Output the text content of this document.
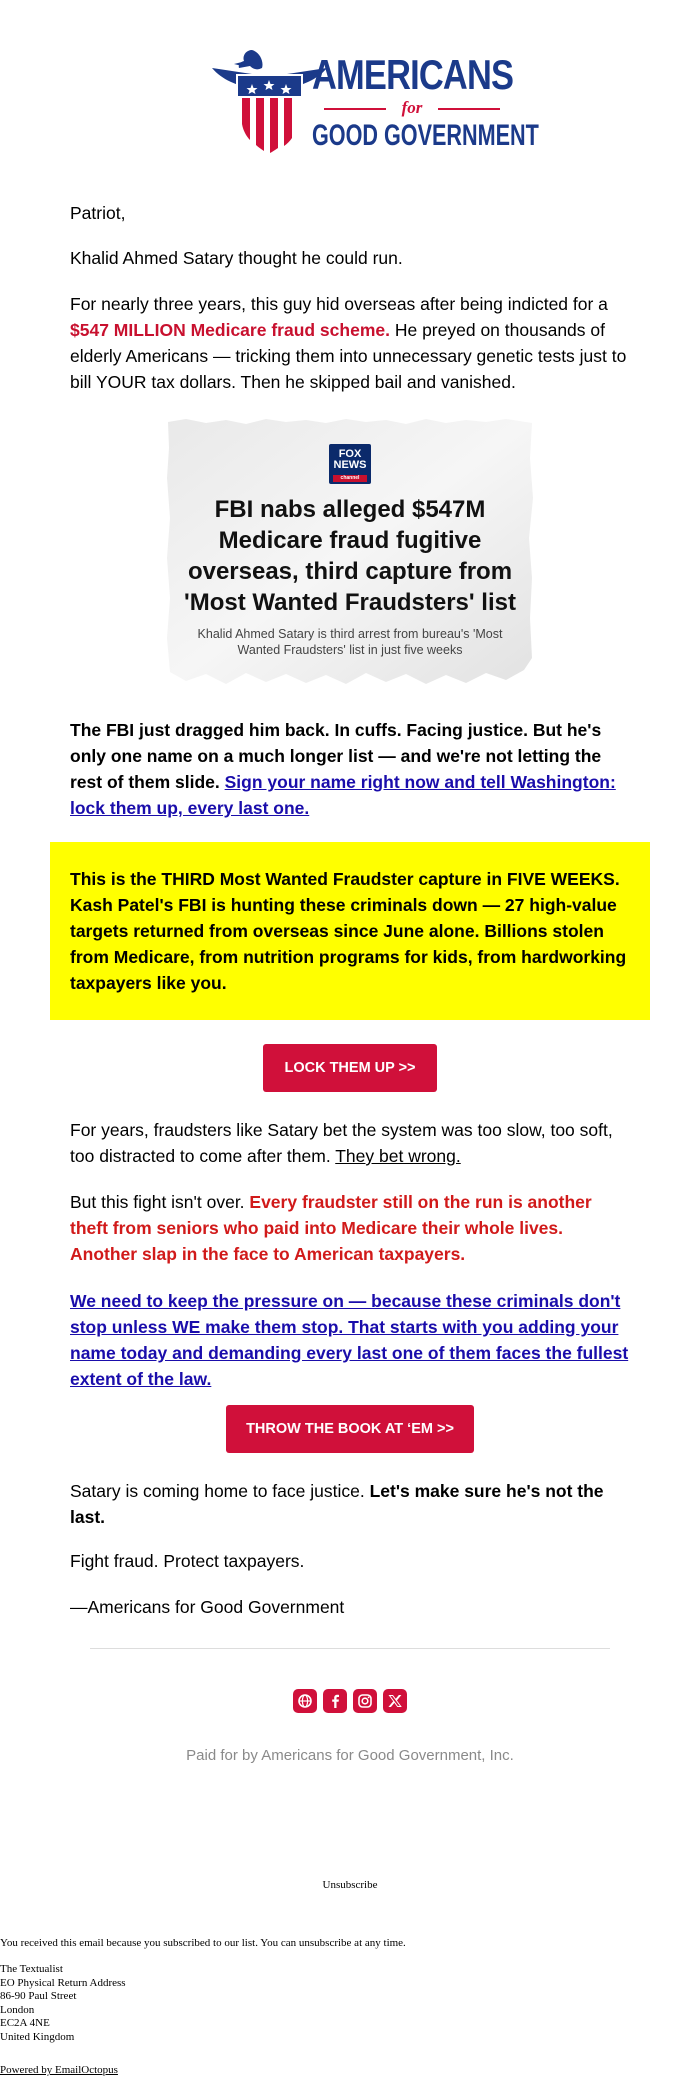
AMERICANS
for
GOOD GOVERNMENT

Patriot,

Khalid Ahmed Satary thought he could run.

For nearly three years, this guy hid overseas after being indicted for a $547 MILLION Medicare fraud scheme. He preyed on thousands of elderly Americans — tricking them into unnecessary genetic tests just to bill YOUR tax dollars. Then he skipped bail and vanished.

FOX
NEWS
channel
FBI nabs alleged $547M Medicare fraud fugitive overseas, third capture from 'Most Wanted Fraudsters' list
Khalid Ahmed Satary is third arrest from bureau's 'Most Wanted Fraudsters' list in just five weeks

The FBI just dragged him back. In cuffs. Facing justice. But he's only one name on a much longer list — and we're not letting the rest of them slide. Sign your name right now and tell Washington: lock them up, every last one.

This is the THIRD Most Wanted Fraudster capture in FIVE WEEKS. Kash Patel's FBI is hunting these criminals down — 27 high-value targets returned from overseas since June alone. Billions stolen from Medicare, from nutrition programs for kids, from hardworking taxpayers like you.

LOCK THEM UP >>

For years, fraudsters like Satary bet the system was too slow, too soft, too distracted to come after them. They bet wrong.

But this fight isn't over. Every fraudster still on the run is another theft from seniors who paid into Medicare their whole lives. Another slap in the face to American taxpayers.

We need to keep the pressure on — because these criminals don't stop unless WE make them stop. That starts with you adding your name today and demanding every last one of them faces the fullest extent of the law.

THROW THE BOOK AT ‘EM >>

Satary is coming home to face justice. Let's make sure he's not the last.

Fight fraud. Protect taxpayers.

—Americans for Good Government

Paid for by Americans for Good Government, Inc.
Unsubscribe
You received this email because you subscribed to our list. You can unsubscribe at any time.
The Textualist
EO Physical Return Address
86-90 Paul Street
London
EC2A 4NE
United Kingdom
Powered by EmailOctopus
